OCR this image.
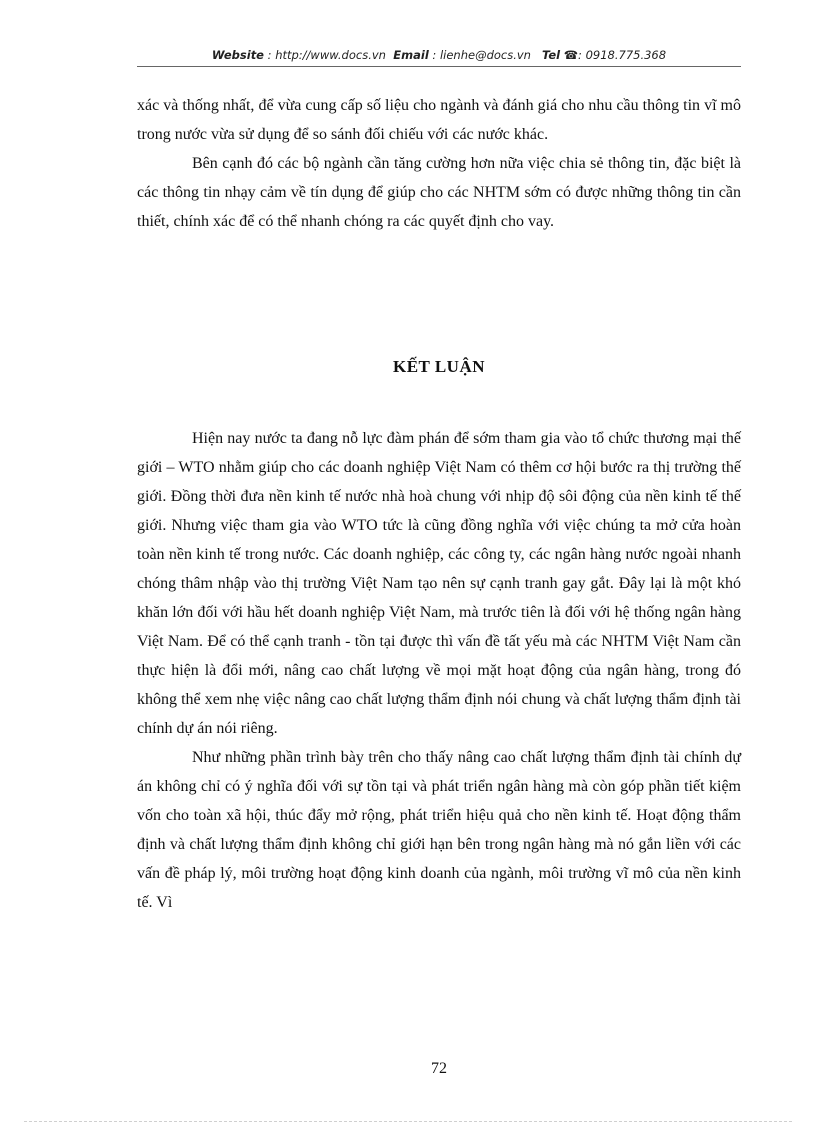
Website : http://www.docs.vn Email : lienhe@docs.vn Tel ☎: 0918.775.368

xác và thống nhất, để vừa cung cấp số liệu cho ngành và đánh giá cho nhu cầu thông tin vĩ mô trong nước vừa sử dụng để so sánh đối chiếu với các nước khác.

Bên cạnh đó các bộ ngành cần tăng cường hơn nữa việc chia sẻ thông tin, đặc biệt là các thông tin nhạy cảm về tín dụng để giúp cho các NHTM sớm có được những thông tin cần thiết, chính xác để có thể nhanh chóng ra các quyết định cho vay.

KẾT LUẬN

Hiện nay nước ta đang nỗ lực đàm phán để sớm tham gia vào tổ chức thương mại thế giới – WTO nhằm giúp cho các doanh nghiệp Việt Nam có thêm cơ hội bước ra thị trường thế giới. Đồng thời đưa nền kinh tế nước nhà hoà chung với nhịp độ sôi động của nền kinh tế thế giới. Nhưng việc tham gia vào WTO tức là cũng đồng nghĩa với việc chúng ta mở cửa hoàn toàn nền kinh tế trong nước. Các doanh nghiệp, các công ty, các ngân hàng nước ngoài nhanh chóng thâm nhập vào thị trường Việt Nam tạo nên sự cạnh tranh gay gắt. Đây lại là một khó khăn lớn đối với hầu hết doanh nghiệp Việt Nam, mà trước tiên là đối với hệ thống ngân hàng Việt Nam. Để có thể cạnh tranh - tồn tại được thì vấn đề tất yếu mà các NHTM Việt Nam cần thực hiện là đổi mới, nâng cao chất lượng về mọi mặt hoạt động của ngân hàng, trong đó không thể xem nhẹ việc nâng cao chất lượng thẩm định nói chung và chất lượng thẩm định tài chính dự án nói riêng.

Như những phần trình bày trên cho thấy nâng cao chất lượng thẩm định tài chính dự án không chỉ có ý nghĩa đối với sự tồn tại và phát triển ngân hàng mà còn góp phần tiết kiệm vốn cho toàn xã hội, thúc đẩy mở rộng, phát triển hiệu quả cho nền kinh tế. Hoạt động thẩm định và chất lượng thẩm định không chỉ giới hạn bên trong ngân hàng mà nó gắn liền với các vấn đề pháp lý, môi trường hoạt động kinh doanh của ngành, môi trường vĩ mô của nền kinh tế. Vì

72
